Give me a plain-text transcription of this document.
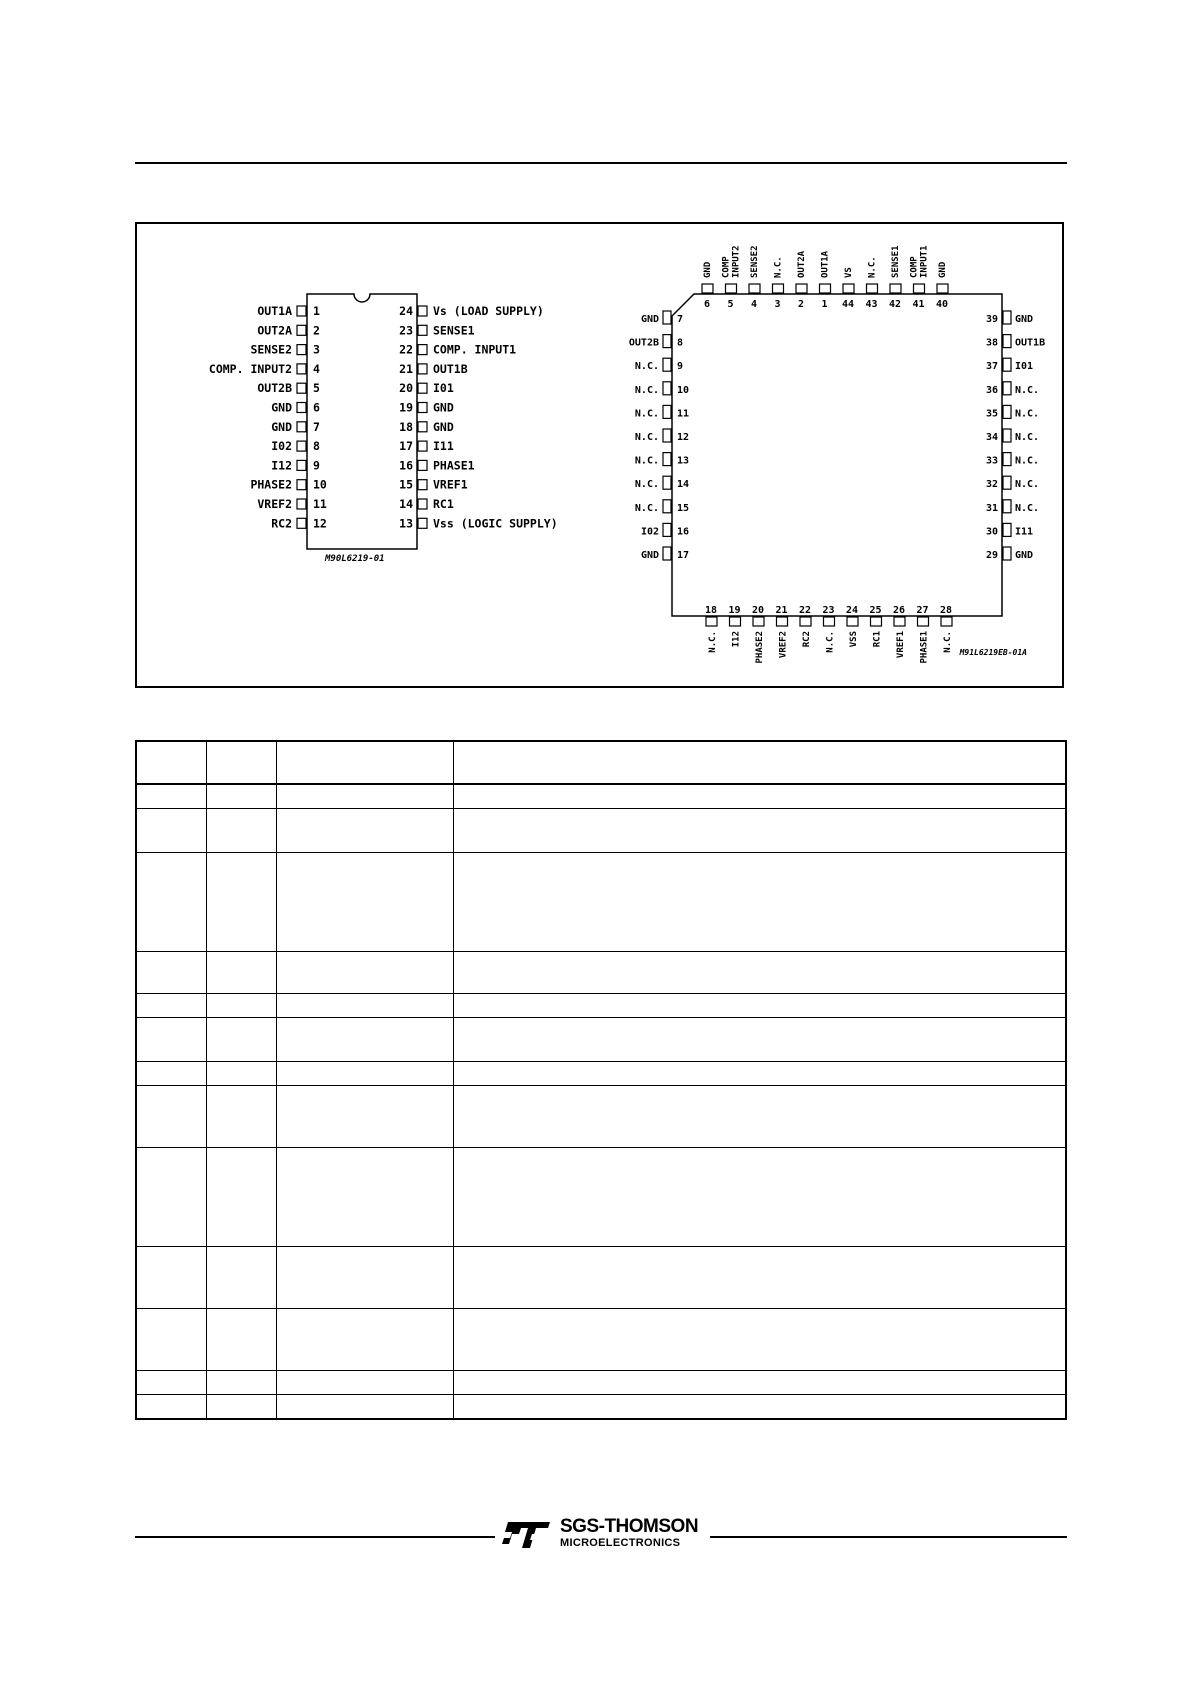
OUT1A 1	24 Vs (LOAD SUPPLY)
OUT2A 2	23 SENSE1
SENSE2 3	22 COMP. INPUT1
COMP. INPUT2 4	21 OUT1B
OUT2B 5	20 I01
GND 6	19 GND
GND 7	18 GND
I02 8	17 I11
I12 9	16 PHASE1
PHASE2 10	15 VREF1
VREF2 11	14 RC1
RC2 12	13 Vss (LOGIC SUPPLY)
M90L6219-01
6
GND
5
COMP INPUT2
4
SENSE2
3
N.C.
2
OUT2A
1
OUT1A
44
VS
43
N.C.
42
SENSE1
41
COMP INPUT1
40
GND
GND 7	39 GND
OUT2B 8	38 OUT1B
N.C. 9	37 I01
N.C. 10	36 N.C.
N.C. 11	35 N.C.
N.C. 12	34 N.C.
N.C. 13	33 N.C.
N.C. 14	32 N.C.
N.C. 15	31 N.C.
I02 16	30 I11
GND 17	29 GND
18
N.C.
19
I12
20
PHASE2
21
VREF2
22
RC2
23
N.C.
24
VSS
25
RC1
26
VREF1
27
PHASE1
28
N.C. M91L6219EB-01A

SGS-THOMSON
MICROELECTRONICS
